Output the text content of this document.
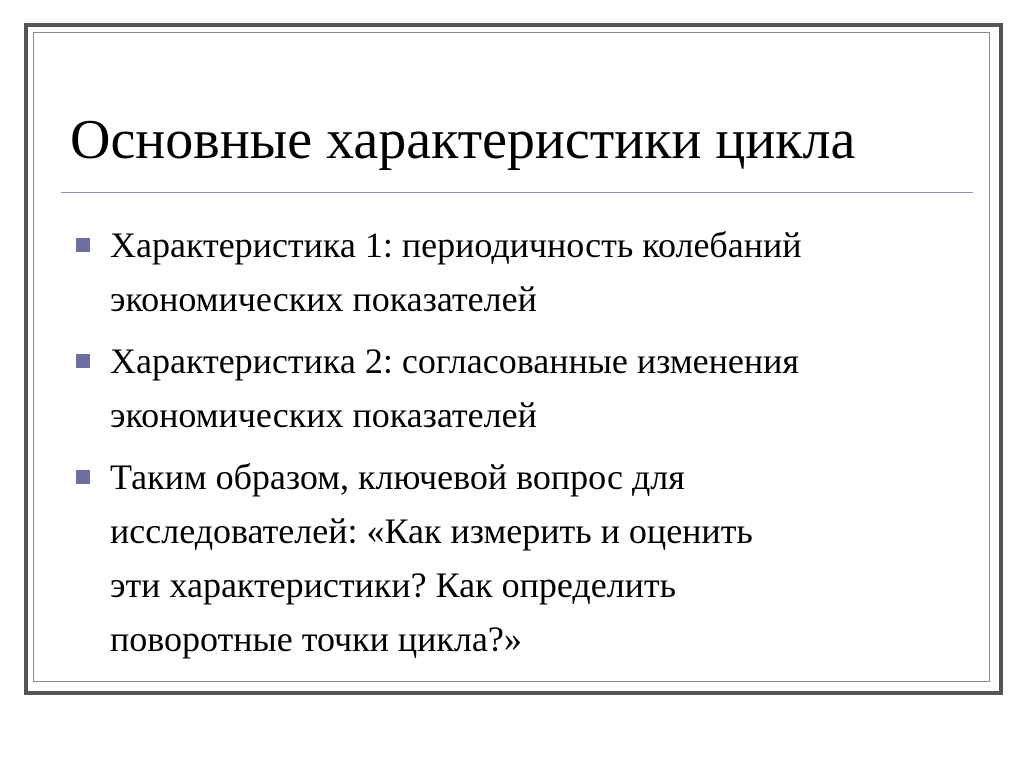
Основные характеристики цикла
Характеристика 1: периодичность колебаний
экономических показателей
Характеристика 2: согласованные изменения
экономических показателей
Таким образом, ключевой вопрос для
исследователей: «Как измерить и оценить
эти характеристики? Как определить
поворотные точки цикла?»
